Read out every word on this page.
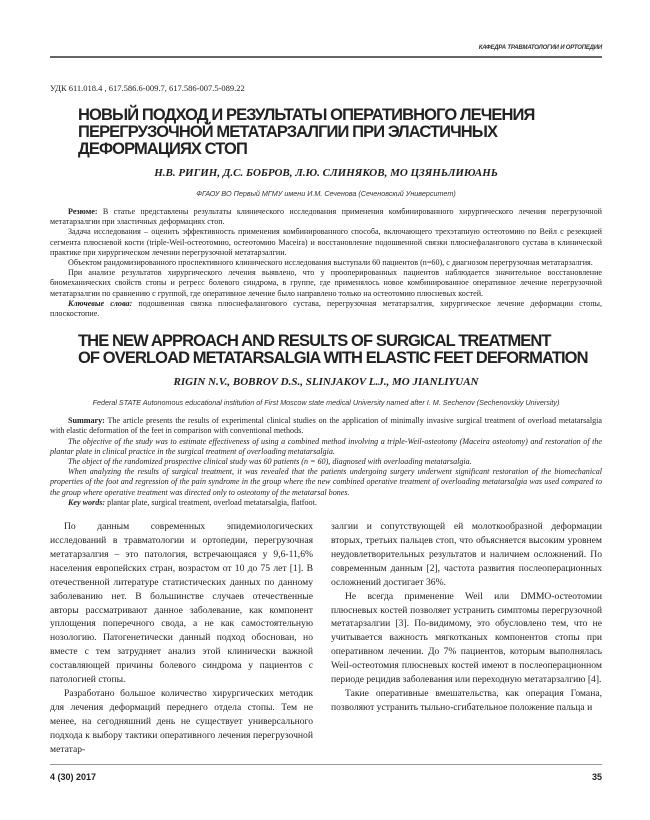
КАФЕДРА ТРАВМАТОЛОГИИ И ОРТОПЕДИИ
УДК 611.018.4 , 617.586.6-009.7, 617.586-007.5-089.22
НОВЫЙ ПОДХОД И РЕЗУЛЬТАТЫ ОПЕРАТИВНОГО ЛЕЧЕНИЯ
ПЕРЕГРУЗОЧНОЙ МЕТАТАРЗАЛГИИ ПРИ ЭЛАСТИЧНЫХ
ДЕФОРМАЦИЯХ СТОП
Н.В. РИГИН, Д.С. БОБРОВ, Л.Ю. СЛИНЯКОВ, МО ЦЗЯНЬЛИЮАНЬ
ФГАОУ ВО Первый МГМУ имени И.М. Сеченова (Сеченовский Университет)

Резюме: В статье представлены результаты клинического исследования применения комбинированного хирургического лечения перегрузочной метатарзалгии при эластичных деформациях стоп.

Задача исследования – оценить эффективность применения комбинированного способа, включающего трехэтапную остеотомию по Вейл с резекцией сегмента плюсневой кости (triple-Weil-остеотомию, остеотомию Maceira) и восстановление подошвенной связки плюснефалангового сустава в клинической практике при хирургическом лечении перегрузочной метатарзалгии.

Объектом рандомизированного проспективного клинического исследования выступали 60 пациентов (n=60), с диагнозом перегрузочная метатарзалгия.

При анализе результатов хирургического лечения выявлено, что у прооперированных пациентов наблюдается значительное восстановление биомеханических свойств стопы и регресс болевого синдрома, в группе, где применялось новое комбинированное оперативное лечение перегрузочной метатарзалгии по сравнению с группой, где оперативное лечение было направлено только на остеотомию плюсневых костей.

Ключевые слова: подошвенная связка плюснефалангового сустава, перегрузочная метатарзалгия, хирургическое лечение деформации стопы, плоскостопие.

THE NEW APPROACH AND RESULTS OF SURGICAL TREATMENT
OF OVERLOAD METATARSALGIA WITH ELASTIC FEET DEFORMATION
RIGIN N.V., BOBROV D.S., SLINJAKOV L.J., MO JIANLIYUAN
Federal STATE Autonomous educational institution of First Moscow state medical University named after I. M. Sechenov (Sechenovskiy University)

Summary: The article presents the results of experimental clinical studies on the application of minimally invasive surgical treatment of overload metatarsalgia with elastic deformation of the feet in comparison with conventional methods.

The objective of the study was to estimate effectiveness of using a combined method involving a triple-Weil-osteotomy (Maceira osteotomy) and restoration of the plantar plate in clinical practice in the surgical treatment of overloading metatarsalgia.

The object of the randomized prospective clinical study was 60 patients (n = 60), diagnosed with overloading metatarsalgia.

When analyzing the results of surgical treatment, it was revealed that the patients undergoing surgery underwent significant restoration of the biomechanical properties of the foot and regression of the pain syndrome in the group where the new combined operative treatment of overloading metatarsalgia was used compared to the group where operative treatment was directed only to osteotomy of the metatarsal bones.

Key words: plantar plate, surgical treatment, overload metatarsalgia, flatfoot.

По данным современных эпидемиологических исследований в травматологии и ортопедии, перегрузочная метатарзалгия – это патология, встречающаяся у 9,6-11,6% населения европейских стран, возрастом от 10 до 75 лет [1]. В отечественной литературе статистических данных по данному заболеванию нет. В большинстве случаев отечественные авторы рассматривают данное заболевание, как компонент уплощения поперечного свода, а не как самостоятельную нозологию. Патогенетически данный подход обоснован, но вместе с тем затрудняет анализ этой клинически важной составляющей причины болевого синдрома у пациентов с патологией стопы.

Разработано большое количество хирургических методик для лечения деформаций переднего отдела стопы. Тем не менее, на сегодняшний день не существует универсального подхода к выбору тактики оперативного лечения перегрузочной метатар-

залгии и сопутствующей ей молоткообразной деформации вторых, третьих пальцев стоп, что объясняется высоким уровнем неудовлетворительных результатов и наличием осложнений. По современным данным [2], частота развития послеоперационных осложнений достигает 36%.

Не всегда применение Weil или DMMO-остеотомии плюсневых костей позволяет устранить симптомы перегрузочной метатарзалгии [3]. По-видимому, это обусловлено тем, что не учитывается важность мягкотканых компонентов стопы при оперативном лечении. До 7% пациентов, которым выполнялась Weil-остеотомия плюсневых костей имеют в послеоперационном периоде рецидив заболевания или переходную метатарзалгию [4].

Такие оперативные вмешательства, как операция Гомана, позволяют устранить тыльно-сгибательное положение пальца и

4 (30) 2017	35
